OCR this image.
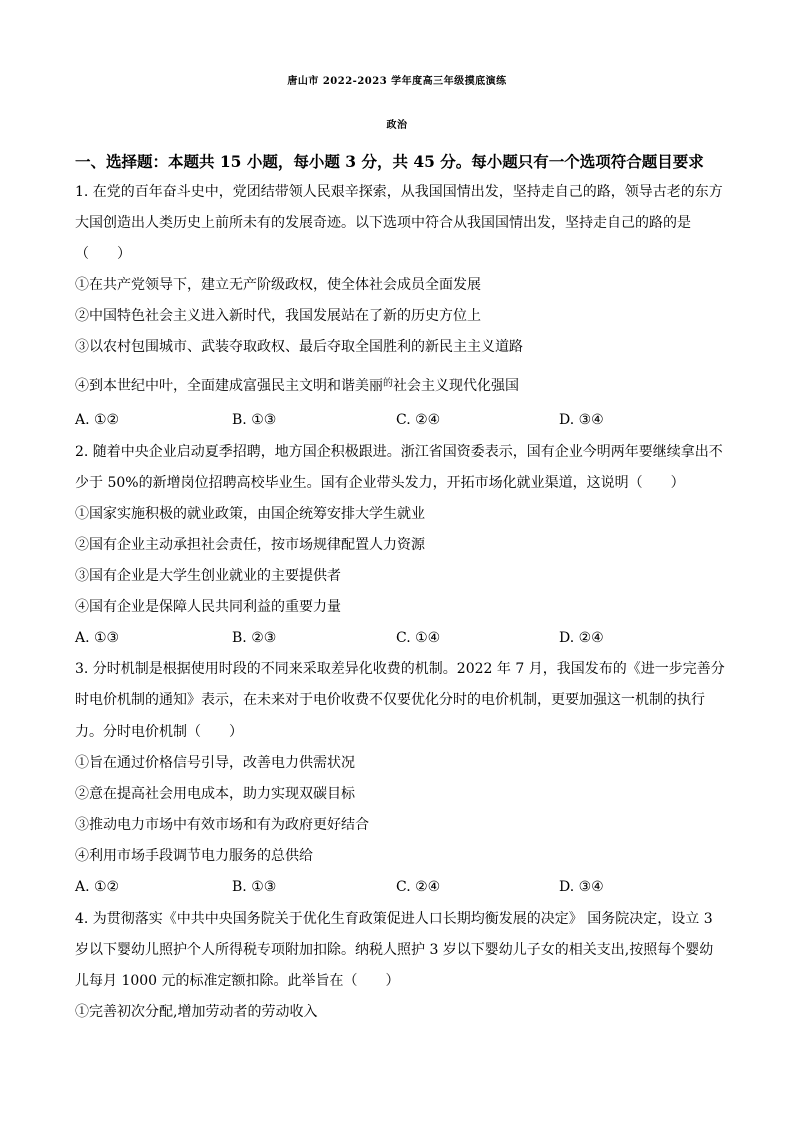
唐山市 2022-2023 学年度高三年级摸底演练
政治
一、选择题：本题共 15 小题，每小题 3 分，共 45 分。每小题只有一个选项符合题目要求
1. 在党的百年奋斗史中，党团结带领人民艰辛探索，从我国国情出发，坚持走自己的路，领导古老的东方
大国创造出人类历史上前所未有的发展奇迹。以下选项中符合从我国国情出发，坚持走自己的路的是
（　　）
①在共产党领导下，建立无产阶级政权，使全体社会成员全面发展
②中国特色社会主义进入新时代，我国发展站在了新的历史方位上
③以农村包围城市、武装夺取政权、最后夺取全国胜利的新民主主义道路
④到本世纪中叶，全面建成富强民主文明和谐美丽$^的$社会主义现代化强国
A. ①②	B. ①③	C. ②④	D. ③④
2. 随着中央企业启动夏季招聘，地方国企积极跟进。浙江省国资委表示，国有企业今明两年要继续拿出不
少于 50%的新增岗位招聘高校毕业生。国有企业带头发力，开拓市场化就业渠道，这说明（　　）
①国家实施积极的就业政策，由国企统筹安排大学生就业
②国有企业主动承担社会责任，按市场规律配置人力资源
③国有企业是大学生创业就业的主要提供者
④国有企业是保障人民共同利益的重要力量
A. ①③	B. ②③	C. ①④	D. ②④
3. 分时机制是根据使用时段的不同来采取差异化收费的机制。2022 年 7 月，我国发布的《进一步完善分
时电价机制的通知》表示，在未来对于电价收费不仅要优化分时的电价机制，更要加强这一机制的执行
力。分时电价机制（　　）
①旨在通过价格信号引导，改善电力供需状况
②意在提高社会用电成本，助力实现双碳目标
③推动电力市场中有效市场和有为政府更好结合
④利用市场手段调节电力服务的总供给
A. ①②	B. ①③	C. ②④	D. ③④
4. 为贯彻落实《中共中央国务院关于优化生育政策促进人口长期均衡发展的决定》 国务院决定，设立 3
岁以下婴幼儿照护个人所得税专项附加扣除。纳税人照护 3 岁以下婴幼儿子女的相关支出,按照每个婴幼
儿每月 1000 元的标准定额扣除。此举旨在（　　）
①完善初次分配,增加劳动者的劳动收入
